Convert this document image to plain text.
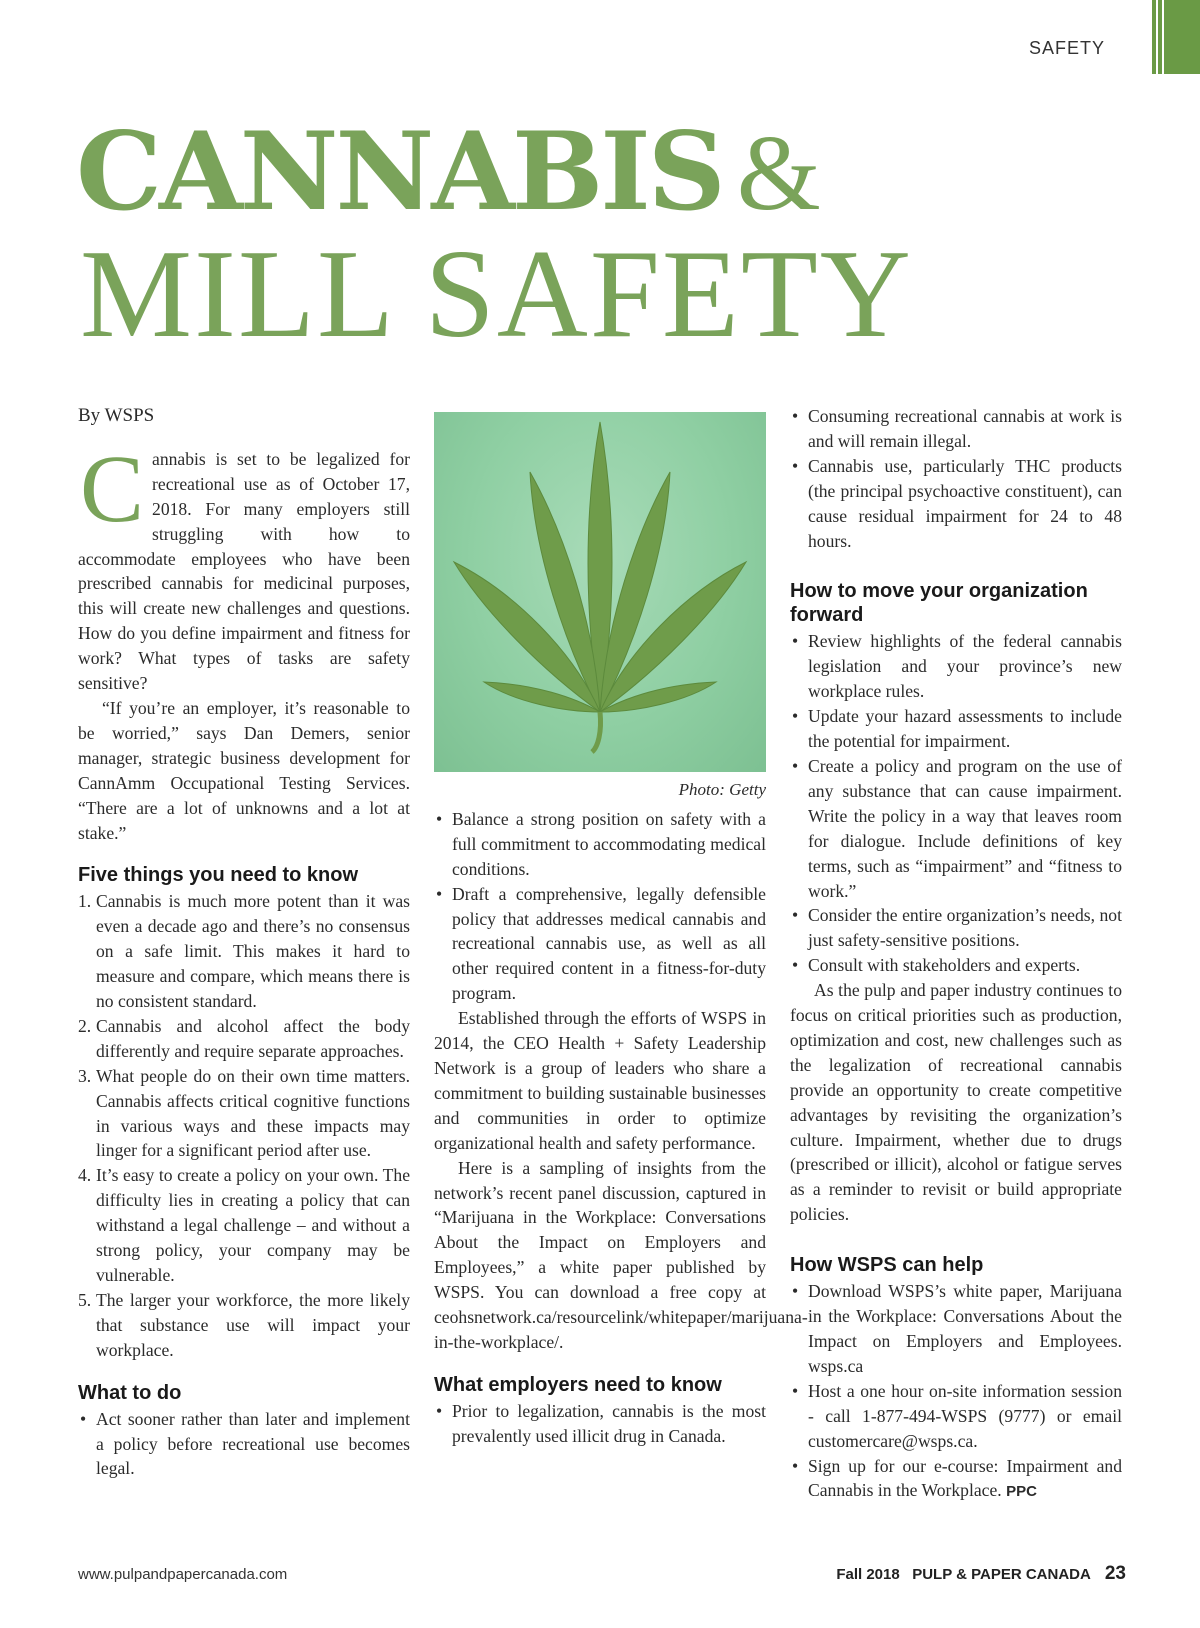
SAFETY
CANNABIS &
MILL SAFETY
By WSPS

Cannabis is set to be legalized for recreational use as of October 17, 2018. For many employers still struggling with how to accommodate employees who have been prescribed cannabis for medicinal purposes, this will create new challenges and questions. How do you define impairment and fitness for work? What types of tasks are safety sensitive?

“If you’re an employer, it’s reasonable to be worried,” says Dan Demers, senior manager, strategic business development for CannAmm Occupational Testing Services. “There are a lot of unknowns and a lot at stake.”

Five things you need to know
1. Cannabis is much more potent than it was even a decade ago and there’s no consensus on a safe limit. This makes it hard to measure and compare, which means there is no consistent standard.
2. Cannabis and alcohol affect the body differently and require separate approaches.
3. What people do on their own time matters. Cannabis affects critical cognitive functions in various ways and these impacts may linger for a significant period after use.
4. It’s easy to create a policy on your own. The difficulty lies in creating a policy that can withstand a legal challenge – and without a strong policy, your company may be vulnerable.
5. The larger your workforce, the more likely that substance use will impact your workplace.
What to do
• Act sooner rather than later and implement a policy before recreational use becomes legal.
Photo: Getty
• Balance a strong position on safety with a full commitment to accommodating medical conditions.
• Draft a comprehensive, legally defensible policy that addresses medical cannabis and recreational cannabis use, as well as all other required content in a fitness-for-duty program.

Established through the efforts of WSPS in 2014, the CEO Health + Safety Leadership Network is a group of leaders who share a commitment to building sustainable businesses and communities in order to optimize organizational health and safety performance.

Here is a sampling of insights from the network’s recent panel discussion, captured in “Marijuana in the Workplace: Conversations About the Impact on Employers and Employees,” a white paper published by WSPS. You can download a free copy at ceohsnetwork.ca/resourcelink/whitepaper/marijuana-in-the-workplace/.

What employers need to know
• Prior to legalization, cannabis is the most prevalently used illicit drug in Canada.
• Consuming recreational cannabis at work is and will remain illegal.
• Cannabis use, particularly THC products (the principal psychoactive constituent), can cause residual impairment for 24 to 48 hours.
How to move your organization forward
• Review highlights of the federal cannabis legislation and your province’s new workplace rules.
• Update your hazard assessments to include the potential for impairment.
• Create a policy and program on the use of any substance that can cause impairment. Write the policy in a way that leaves room for dialogue. Include definitions of key terms, such as “impairment” and “fitness to work.”
• Consider the entire organization’s needs, not just safety-sensitive positions.
• Consult with stakeholders and experts.

As the pulp and paper industry continues to focus on critical priorities such as production, optimization and cost, new challenges such as the legalization of recreational cannabis provide an opportunity to create competitive advantages by revisiting the organization’s culture. Impairment, whether due to drugs (prescribed or illicit), alcohol or fatigue serves as a reminder to revisit or build appropriate policies.

How WSPS can help
• Download WSPS’s white paper, Marijuana in the Workplace: Conversations About the Impact on Employers and Employees. wsps.ca
• Host a one hour on-site information session - call 1-877-494-WSPS (9777) or email customercare@wsps.ca.
• Sign up for our e-course: Impairment and Cannabis in the Workplace. PPC
www.pulpandpapercanada.com	Fall 2018 PULP & PAPER CANADA 23
